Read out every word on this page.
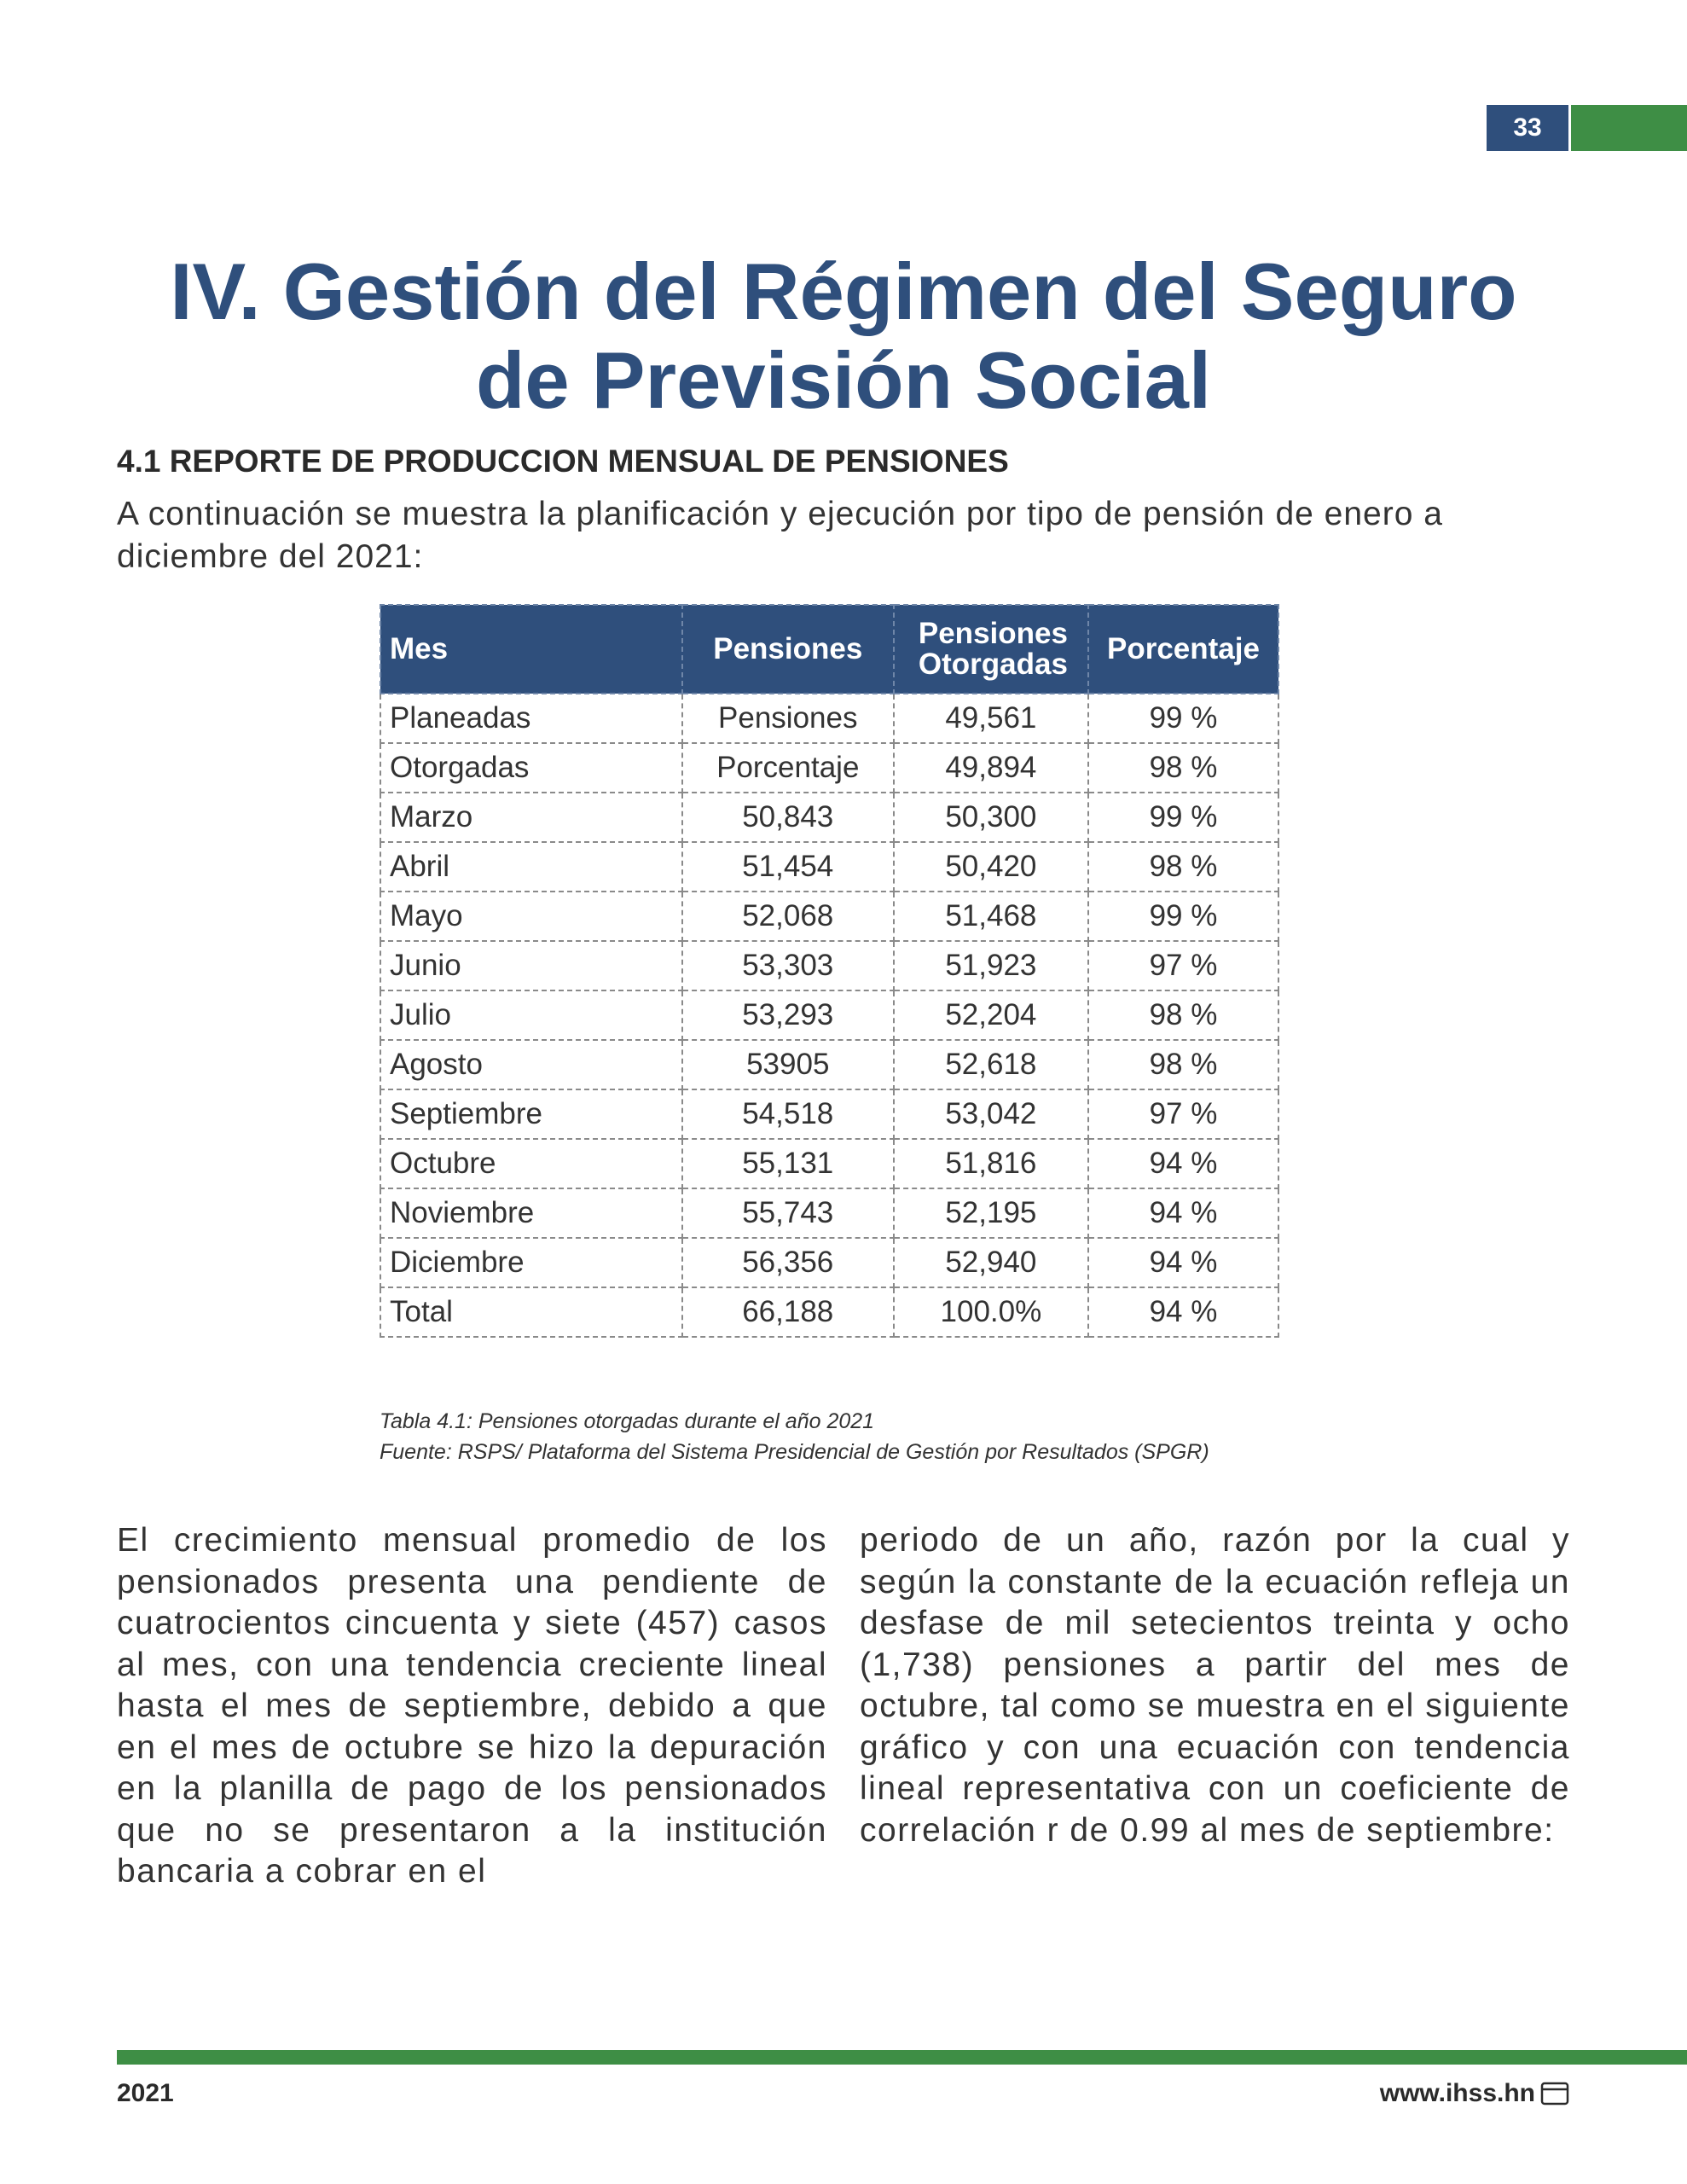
33
IV. Gestión del Régimen del Seguro
de Previsión Social
4.1 REPORTE DE PRODUCCION MENSUAL DE PENSIONES
A continuación se muestra la planificación y ejecución por tipo de pensión de enero a diciembre del 2021:
Mes	Pensiones	Pensiones Otorgadas	Porcentaje
Planeadas	Pensiones	49,561	99 %
Otorgadas	Porcentaje	49,894	98 %
Marzo	50,843	50,300	99 %
Abril	51,454	50,420	98 %
Mayo	52,068	51,468	99 %
Junio	53,303	51,923	97 %
Julio	53,293	52,204	98 %
Agosto	53905	52,618	98 %
Septiembre	54,518	53,042	97 %
Octubre	55,131	51,816	94 %
Noviembre	55,743	52,195	94 %
Diciembre	56,356	52,940	94 %
Total	66,188	100.0%	94 %
Tabla 4.1: Pensiones otorgadas durante el año 2021
Fuente: RSPS/ Plataforma del Sistema Presidencial de Gestión por Resultados (SPGR)
El crecimiento mensual promedio de los pensionados presenta una pendiente de cuatrocientos cincuenta y siete (457) casos al mes, con una tendencia creciente lineal hasta el mes de septiembre, debido a que en el mes de octubre se hizo la depuración en la planilla de pago de los pensionados que no se presentaron a la institución bancaria a cobrar en el
periodo de un año, razón por la cual y según la constante de la ecuación refleja un desfase de mil setecientos treinta y ocho (1,738) pensiones a partir del mes de octubre, tal como se muestra en el siguiente gráfico y con una ecuación con tendencia lineal representativa con un coeficiente de correlación r de 0.99 al mes de septiembre:
2021	www.ihss.hn
